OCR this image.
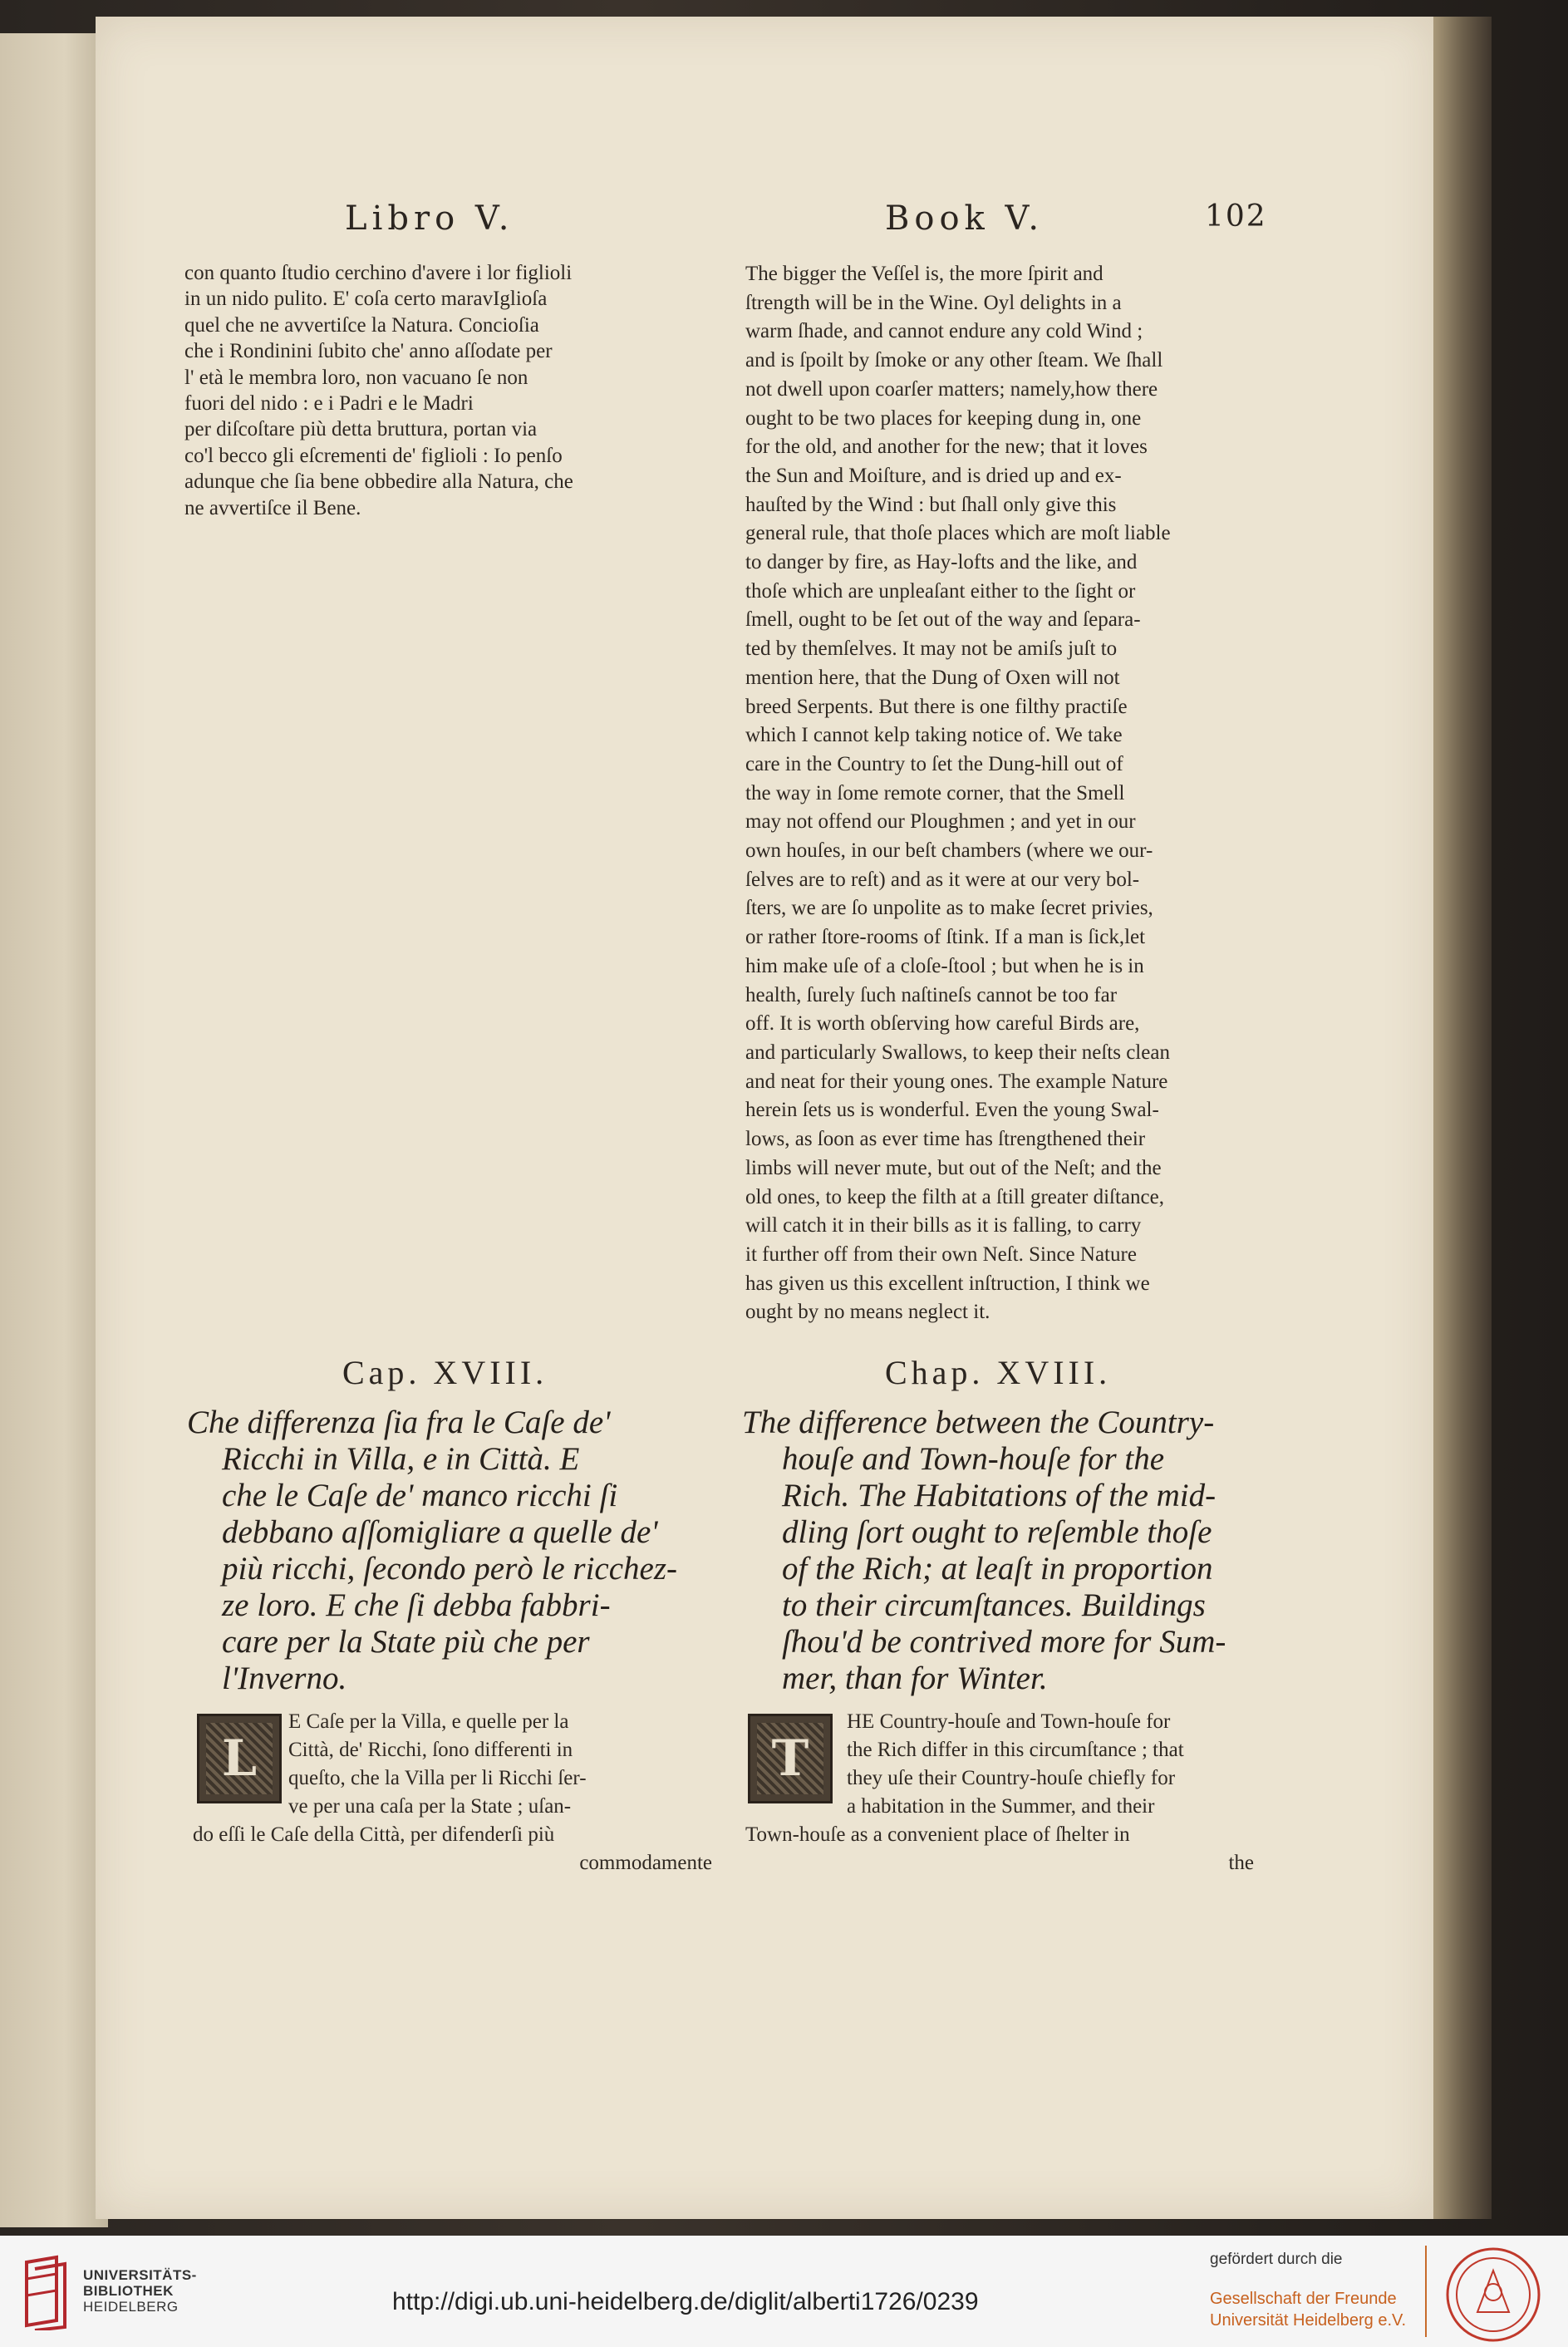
Libro V.	Book V.	102

con quanto ſtudio cerchino d'avere i lor figlioli

in un nido pulito. E' coſa certo maravIglioſa

quel che ne avvertiſce la Natura. Concioſia

che i Rondinini ſubito che' anno aſſodate per

l' età le membra loro, non vacuano ſe non

fuori del nido : e i Padri e le Madri

per diſcoſtare più detta bruttura, portan via

co'l becco gli eſcrementi de' figlioli : Io penſo

adunque che ſia bene obbedire alla Natura, che

ne avvertiſce il Bene.

The bigger the Veſſel is, the more ſpirit and

ſtrength will be in the Wine. Oyl delights in a

warm ſhade, and cannot endure any cold Wind ;

and is ſpoilt by ſmoke or any other ſteam. We ſhall

not dwell upon coarſer matters; namely,how there

ought to be two places for keeping dung in, one

for the old, and another for the new; that it loves

the Sun and Moiſture, and is dried up and ex-

hauſted by the Wind : but ſhall only give this

general rule, that thoſe places which are moſt liable

to danger by fire, as Hay-lofts and the like, and

thoſe which are unpleaſant either to the ſight or

ſmell, ought to be ſet out of the way and ſepara-

ted by themſelves. It may not be amiſs juſt to

mention here, that the Dung of Oxen will not

breed Serpents. But there is one filthy practiſe

which I cannot kelp taking notice of. We take

care in the Country to ſet the Dung-hill out of

the way in ſome remote corner, that the Smell

may not offend our Ploughmen ; and yet in our

own houſes, in our beſt chambers (where we our-

ſelves are to reſt) and as it were at our very bol-

ſters, we are ſo unpolite as to make ſecret privies,

or rather ſtore-rooms of ſtink. If a man is ſick,let

him make uſe of a cloſe-ſtool ; but when he is in

health, ſurely ſuch naſtineſs cannot be too far

off. It is worth obſerving how careful Birds are,

and particularly Swallows, to keep their neſts clean

and neat for their young ones. The example Nature

herein ſets us is wonderful. Even the young Swal-

lows, as ſoon as ever time has ſtrengthened their

limbs will never mute, but out of the Neſt; and the

old ones, to keep the filth at a ſtill greater diſtance,

will catch it in their bills as it is falling, to carry

it further off from their own Neſt. Since Nature

has given us this excellent inſtruction, I think we

ought by no means neglect it.

Cap. XVIII.	Chap. XVIII.
Che differenza ſia fra le Caſe de'
Ricchi in Villa, e in Città. E
che le Caſe de' manco ricchi ſi
debbano aſſomigliare a quelle de'
più ricchi, ſecondo però le ricchez-
ze loro. E che ſi debba fabbri-
care per la State più che per
l'Inverno.
The difference between the Country-
houſe and Town-houſe for the
Rich. The Habitations of the mid-
dling ſort ought to reſemble thoſe
of the Rich; at leaſt in proportion
to their circumſtances. Buildings
ſhou'd be contrived more for Sum-
mer, than for Winter.
L	T
E Caſe per la Villa, e quelle per la
Città, de' Ricchi, ſono differenti in
queſto, che la Villa per li Ricchi ſer-
ve per una caſa per la State ; uſan-
do eſſi le Caſe della Città, per difenderſi più
commodamente
HE Country-houſe and Town-houſe for
the Rich differ in this circumſtance ; that
they uſe their Country-houſe chiefly for
a habitation in the Summer, and their
Town-houſe as a convenient place of ſhelter in
the
UNIVERSITÄTS-
BIBLIOTHEK
HEIDELBERG	http://digi.ub.uni-heidelberg.de/diglit/alberti1726/0239
gefördert durch die
Gesellschaft der Freunde
Universität Heidelberg e.V.
